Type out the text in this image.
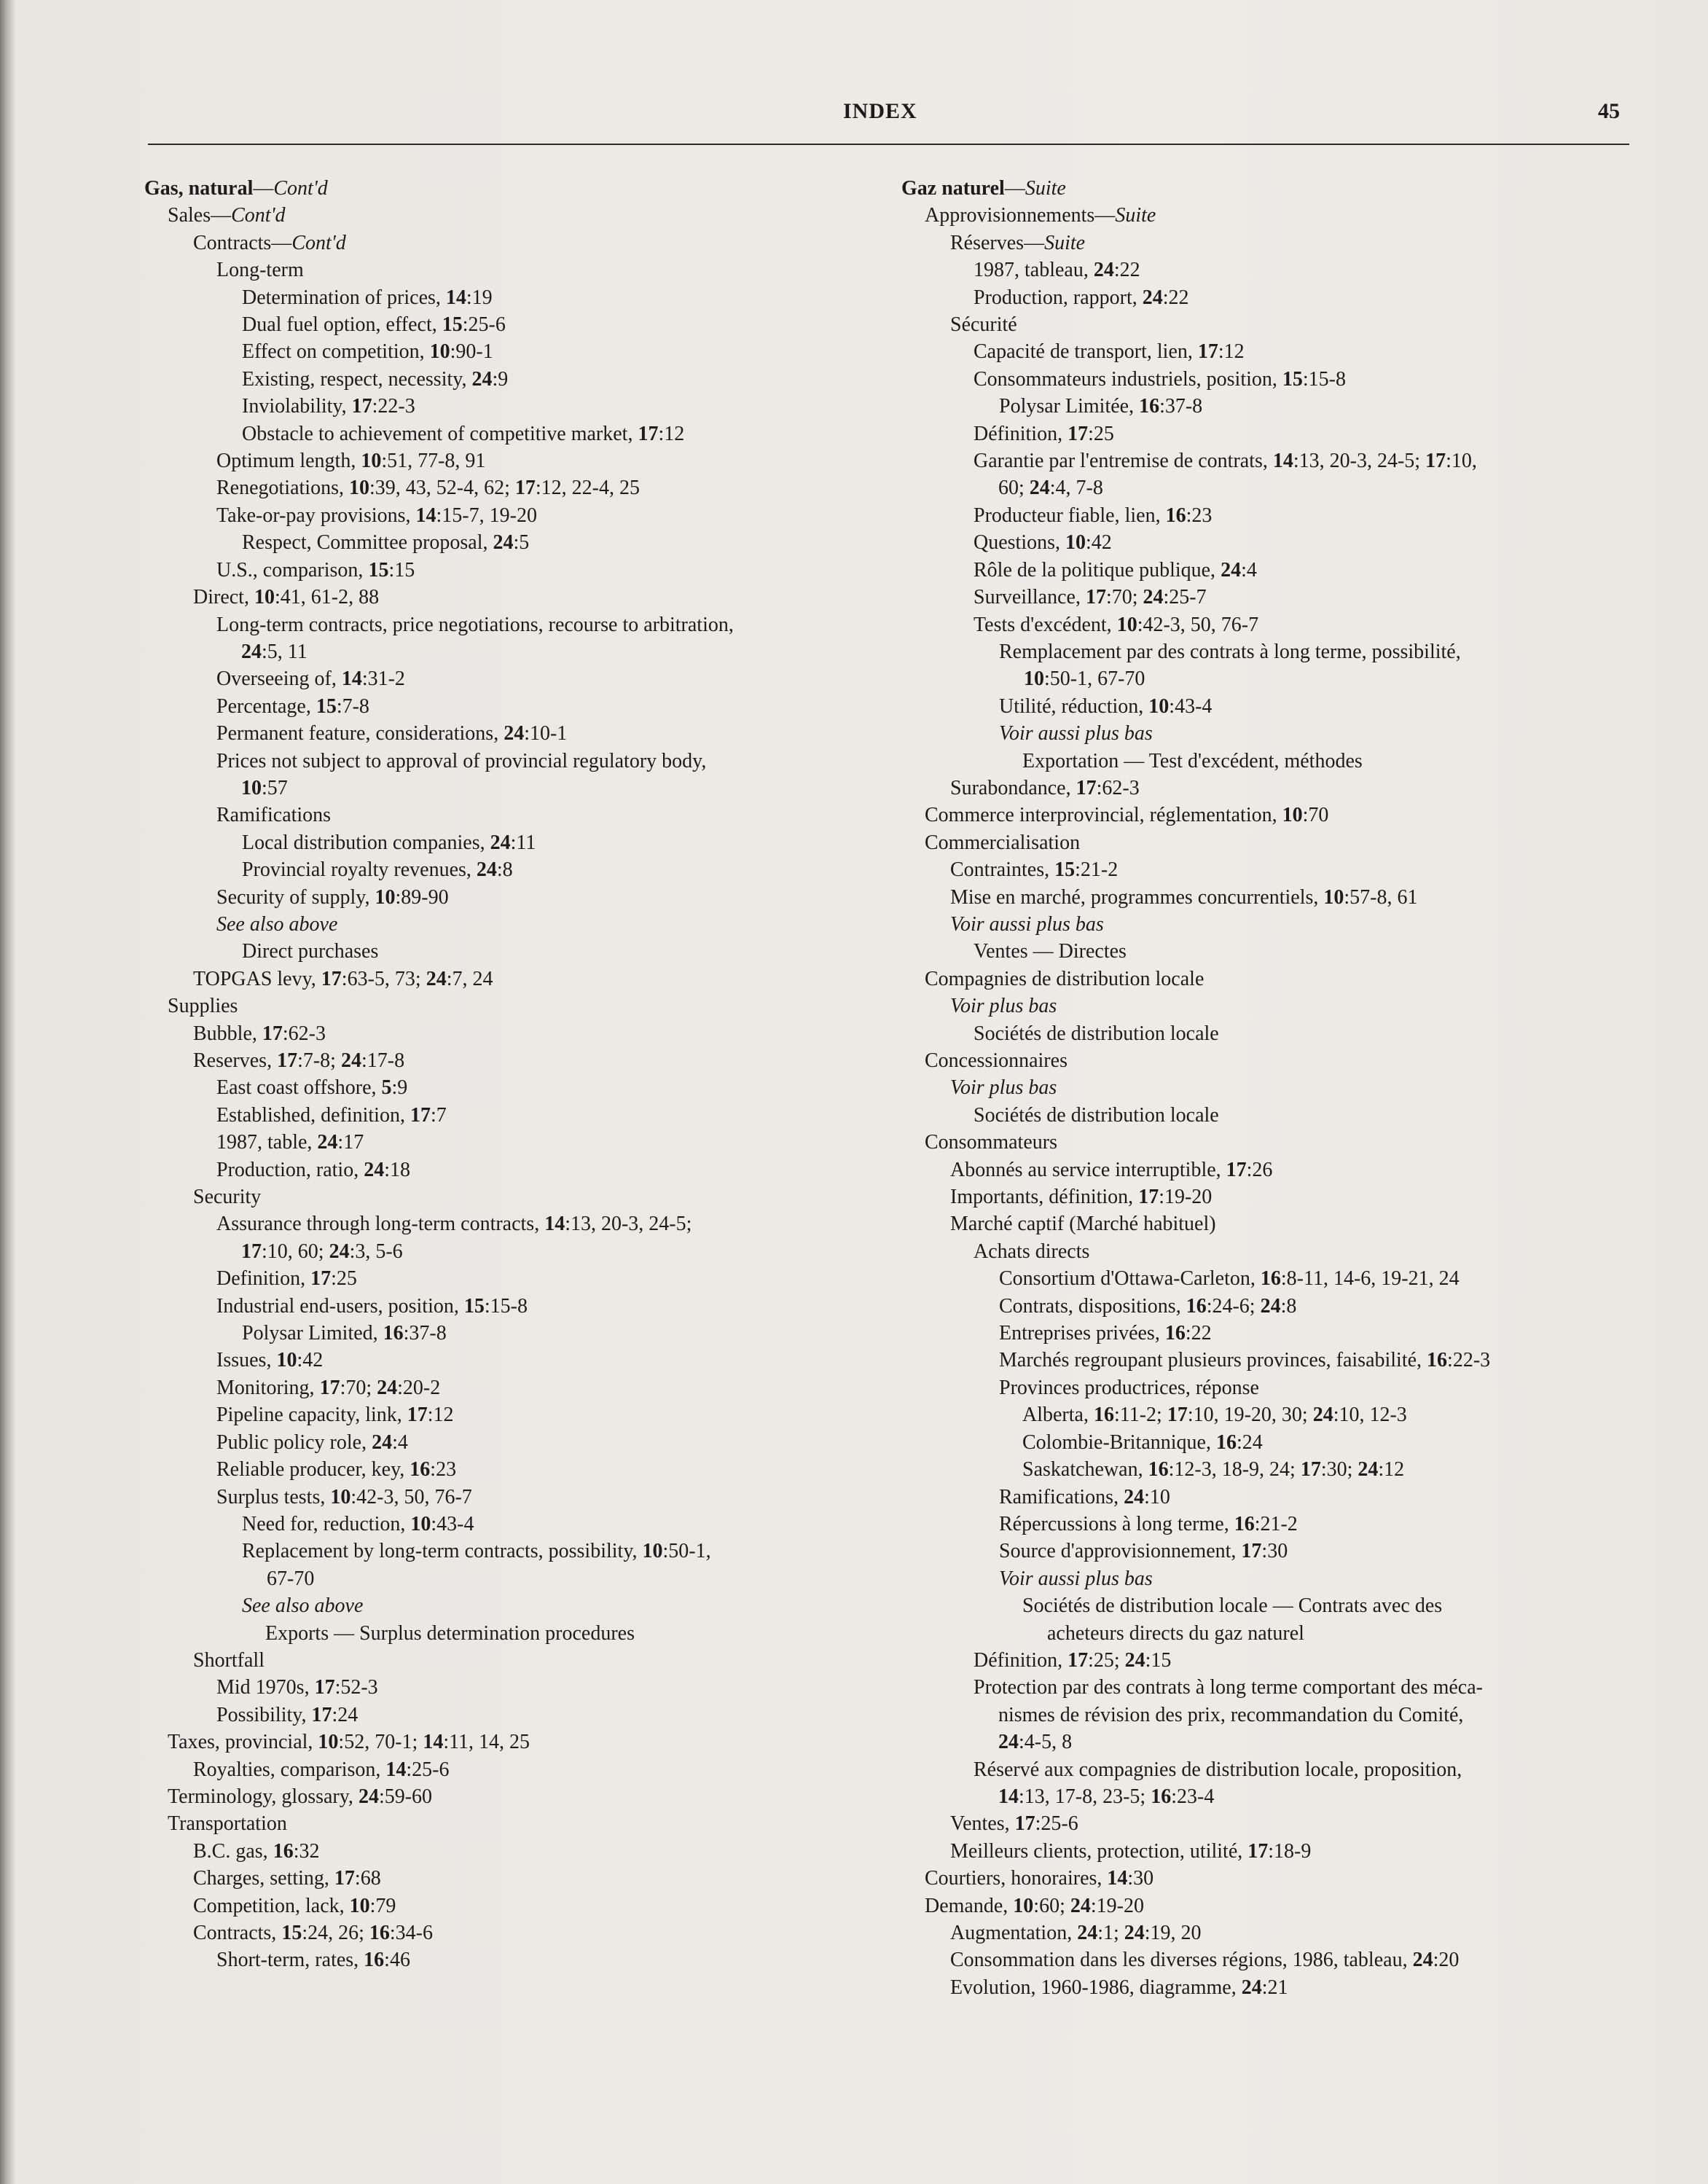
INDEX	45
Gas, natural—Cont'd
Sales—Cont'd
Contracts—Cont'd
Long-term
Determination of prices, 14:19
Dual fuel option, effect, 15:25-6
Effect on competition, 10:90-1
Existing, respect, necessity, 24:9
Inviolability, 17:22-3
Obstacle to achievement of competitive market, 17:12
Optimum length, 10:51, 77-8, 91
Renegotiations, 10:39, 43, 52-4, 62; 17:12, 22-4, 25
Take-or-pay provisions, 14:15-7, 19-20
Respect, Committee proposal, 24:5
U.S., comparison, 15:15
Direct, 10:41, 61-2, 88
Long-term contracts, price negotiations, recourse to arbitration,
24:5, 11
Overseeing of, 14:31-2
Percentage, 15:7-8
Permanent feature, considerations, 24:10-1
Prices not subject to approval of provincial regulatory body,
10:57
Ramifications
Local distribution companies, 24:11
Provincial royalty revenues, 24:8
Security of supply, 10:89-90
See also above
Direct purchases
TOPGAS levy, 17:63-5, 73; 24:7, 24
Supplies
Bubble, 17:62-3
Reserves, 17:7-8; 24:17-8
East coast offshore, 5:9
Established, definition, 17:7
1987, table, 24:17
Production, ratio, 24:18
Security
Assurance through long-term contracts, 14:13, 20-3, 24-5;
17:10, 60; 24:3, 5-6
Definition, 17:25
Industrial end-users, position, 15:15-8
Polysar Limited, 16:37-8
Issues, 10:42
Monitoring, 17:70; 24:20-2
Pipeline capacity, link, 17:12
Public policy role, 24:4
Reliable producer, key, 16:23
Surplus tests, 10:42-3, 50, 76-7
Need for, reduction, 10:43-4
Replacement by long-term contracts, possibility, 10:50-1,
67-70
See also above
Exports — Surplus determination procedures
Shortfall
Mid 1970s, 17:52-3
Possibility, 17:24
Taxes, provincial, 10:52, 70-1; 14:11, 14, 25
Royalties, comparison, 14:25-6
Terminology, glossary, 24:59-60
Transportation
B.C. gas, 16:32
Charges, setting, 17:68
Competition, lack, 10:79
Contracts, 15:24, 26; 16:34-6
Short-term, rates, 16:46
Gaz naturel—Suite
Approvisionnements—Suite
Réserves—Suite
1987, tableau, 24:22
Production, rapport, 24:22
Sécurité
Capacité de transport, lien, 17:12
Consommateurs industriels, position, 15:15-8
Polysar Limitée, 16:37-8
Définition, 17:25
Garantie par l'entremise de contrats, 14:13, 20-3, 24-5; 17:10,
60; 24:4, 7-8
Producteur fiable, lien, 16:23
Questions, 10:42
Rôle de la politique publique, 24:4
Surveillance, 17:70; 24:25-7
Tests d'excédent, 10:42-3, 50, 76-7
Remplacement par des contrats à long terme, possibilité,
10:50-1, 67-70
Utilité, réduction, 10:43-4
Voir aussi plus bas
Exportation — Test d'excédent, méthodes
Surabondance, 17:62-3
Commerce interprovincial, réglementation, 10:70
Commercialisation
Contraintes, 15:21-2
Mise en marché, programmes concurrentiels, 10:57-8, 61
Voir aussi plus bas
Ventes — Directes
Compagnies de distribution locale
Voir plus bas
Sociétés de distribution locale
Concessionnaires
Voir plus bas
Sociétés de distribution locale
Consommateurs
Abonnés au service interruptible, 17:26
Importants, définition, 17:19-20
Marché captif (Marché habituel)
Achats directs
Consortium d'Ottawa-Carleton, 16:8-11, 14-6, 19-21, 24
Contrats, dispositions, 16:24-6; 24:8
Entreprises privées, 16:22
Marchés regroupant plusieurs provinces, faisabilité, 16:22-3
Provinces productrices, réponse
Alberta, 16:11-2; 17:10, 19-20, 30; 24:10, 12-3
Colombie-Britannique, 16:24
Saskatchewan, 16:12-3, 18-9, 24; 17:30; 24:12
Ramifications, 24:10
Répercussions à long terme, 16:21-2
Source d'approvisionnement, 17:30
Voir aussi plus bas
Sociétés de distribution locale — Contrats avec des
acheteurs directs du gaz naturel
Définition, 17:25; 24:15
Protection par des contrats à long terme comportant des méca-
nismes de révision des prix, recommandation du Comité,
24:4-5, 8
Réservé aux compagnies de distribution locale, proposition,
14:13, 17-8, 23-5; 16:23-4
Ventes, 17:25-6
Meilleurs clients, protection, utilité, 17:18-9
Courtiers, honoraires, 14:30
Demande, 10:60; 24:19-20
Augmentation, 24:1; 24:19, 20
Consommation dans les diverses régions, 1986, tableau, 24:20
Evolution, 1960-1986, diagramme, 24:21
